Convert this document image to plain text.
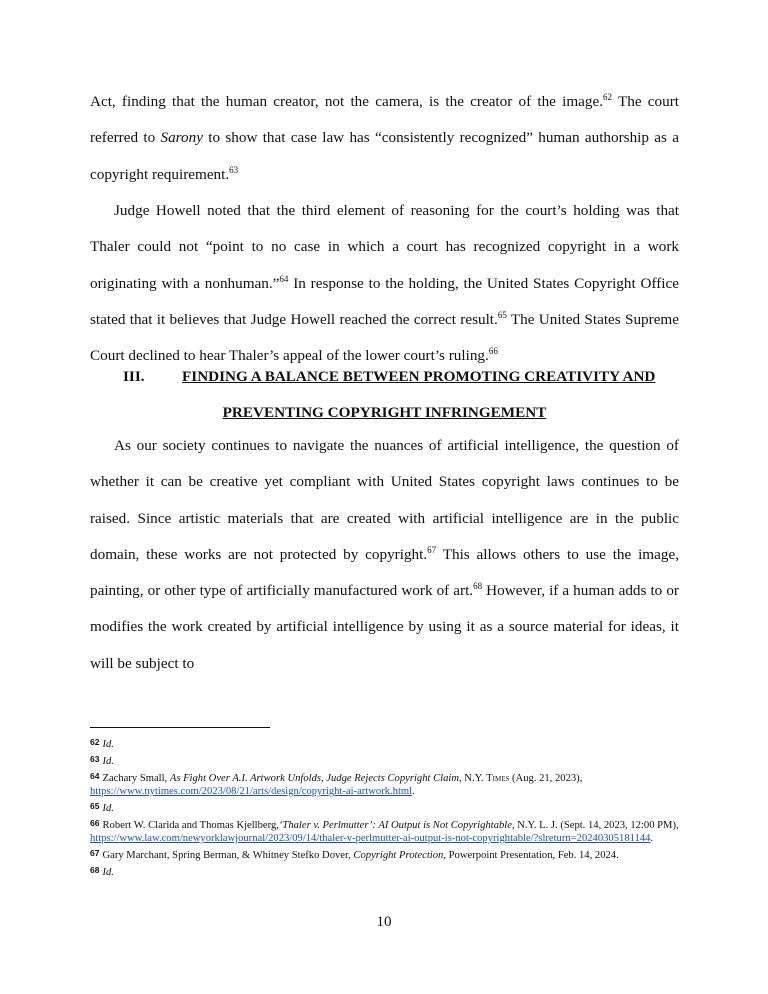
Act, finding that the human creator, not the camera, is the creator of the image.$^{62}$ The court referred to Sarony to show that case law has “consistently recognized” human authorship as a copyright requirement.$^{63}$

Judge Howell noted that the third element of reasoning for the court’s holding was that Thaler could not “point to no case in which a court has recognized copyright in a work originating with a nonhuman.”$^{64}$ In response to the holding, the United States Copyright Office stated that it believes that Judge Howell reached the correct result.$^{65}$ The United States Supreme Court declined to hear Thaler’s appeal of the lower court’s ruling.$^{66}$

III. FINDING A BALANCE BETWEEN PROMOTING CREATIVITY AND
PREVENTING COPYRIGHT INFRINGEMENT

As our society continues to navigate the nuances of artificial intelligence, the question of whether it can be creative yet compliant with United States copyright laws continues to be raised. Since artistic materials that are created with artificial intelligence are in the public domain, these works are not protected by copyright.$^{67}$ This allows others to use the image, painting, or other type of artificially manufactured work of art.$^{68}$ However, if a human adds to or modifies the work created by artificial intelligence by using it as a source material for ideas, it will be subject to

62 Id.

63 Id.

64 Zachary Small, As Fight Over A.I. Artwork Unfolds, Judge Rejects Copyright Claim, N.Y. Times (Aug. 21, 2023),
https://www.nytimes.com/2023/08/21/arts/design/copyright-ai-artwork.html.

65 Id.

66 Robert W. Clarida and Thomas Kjellberg,‘Thaler v. Perlmutter’: AI Output is Not Copyrightable, N.Y. L. J. (Sept. 14, 2023, 12:00 PM), https://www.law.com/newyorklawjournal/2023/09/14/thaler-v-perlmutter-ai-output-is-not-copyrightable/?slreturn=20240305181144.

67 Gary Marchant, Spring Berman, & Whitney Stefko Dover, Copyright Protection, Powerpoint Presentation, Feb. 14, 2024.

68 Id.

10
